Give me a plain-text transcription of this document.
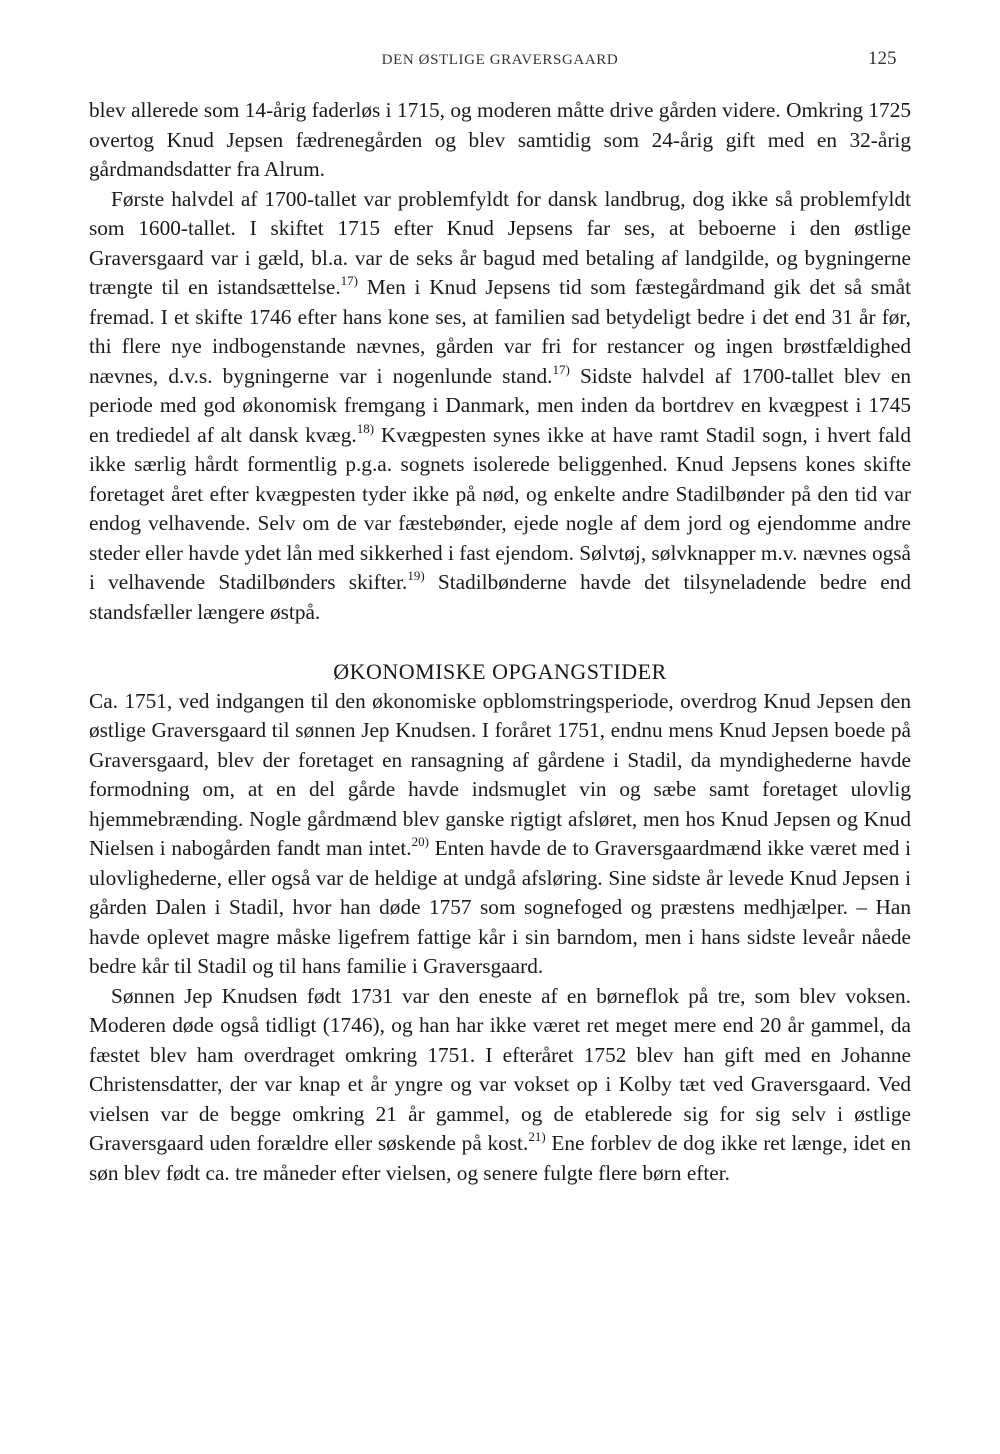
DEN ØSTLIGE GRAVERSGAARD	125

blev allerede som 14-årig faderløs i 1715, og moderen måtte drive gården videre. Omkring 1725 overtog Knud Jepsen fædrenegården og blev samtidig som 24-årig gift med en 32-årig gårdmandsdatter fra Alrum.

Første halvdel af 1700-tallet var problemfyldt for dansk landbrug, dog ikke så problemfyldt som 1600-tallet. I skiftet 1715 efter Knud Jepsens far ses, at beboerne i den østlige Graversgaard var i gæld, bl.a. var de seks år bagud med betaling af landgilde, og bygningerne trængte til en istandsættelse.$^{17)}$ Men i Knud Jepsens tid som fæstegårdmand gik det så småt fremad. I et skifte 1746 efter hans kone ses, at familien sad betydeligt bedre i det end 31 år før, thi flere nye indbogenstande nævnes, gården var fri for restancer og ingen brøstfældighed nævnes, d.v.s. bygningerne var i nogenlunde stand.$^{17)}$ Sidste halvdel af 1700-tallet blev en periode med god økonomisk fremgang i Danmark, men inden da bortdrev en kvægpest i 1745 en trediedel af alt dansk kvæg.$^{18)}$ Kvægpesten synes ikke at have ramt Stadil sogn, i hvert fald ikke særlig hårdt formentlig p.g.a. sognets isolerede beliggenhed. Knud Jepsens kones skifte foretaget året efter kvægpesten tyder ikke på nød, og enkelte andre Stadilbønder på den tid var endog velhavende. Selv om de var fæstebønder, ejede nogle af dem jord og ejendomme andre steder eller havde ydet lån med sikkerhed i fast ejendom. Sølvtøj, sølvknapper m.v. nævnes også i velhavende Stadilbønders skifter.$^{19)}$ Stadilbønderne havde det tilsyneladende bedre end standsfæller længere østpå.

ØKONOMISKE OPGANGSTIDER

Ca. 1751, ved indgangen til den økonomiske opblomstringsperiode, overdrog Knud Jepsen den østlige Graversgaard til sønnen Jep Knudsen. I foråret 1751, endnu mens Knud Jepsen boede på Graversgaard, blev der foretaget en ransagning af gårdene i Stadil, da myndighederne havde formodning om, at en del gårde havde indsmuglet vin og sæbe samt foretaget ulovlig hjemmebrænding. Nogle gårdmænd blev ganske rigtigt afsløret, men hos Knud Jepsen og Knud Nielsen i nabogården fandt man intet.$^{20)}$ Enten havde de to Graversgaardmænd ikke været med i ulovlighederne, eller også var de heldige at undgå afsløring. Sine sidste år levede Knud Jepsen i gården Dalen i Stadil, hvor han døde 1757 som sognefoged og præstens medhjælper. – Han havde oplevet magre måske ligefrem fattige kår i sin barndom, men i hans sidste leveår nåede bedre kår til Stadil og til hans familie i Graversgaard.

Sønnen Jep Knudsen født 1731 var den eneste af en børneflok på tre, som blev voksen. Moderen døde også tidligt (1746), og han har ikke været ret meget mere end 20 år gammel, da fæstet blev ham overdraget omkring 1751. I efteråret 1752 blev han gift med en Johanne Christensdatter, der var knap et år yngre og var vokset op i Kolby tæt ved Graversgaard. Ved vielsen var de begge omkring 21 år gammel, og de etablerede sig for sig selv i østlige Graversgaard uden forældre eller søskende på kost.$^{21)}$ Ene forblev de dog ikke ret længe, idet en søn blev født ca. tre måneder efter vielsen, og senere fulgte flere børn efter.
